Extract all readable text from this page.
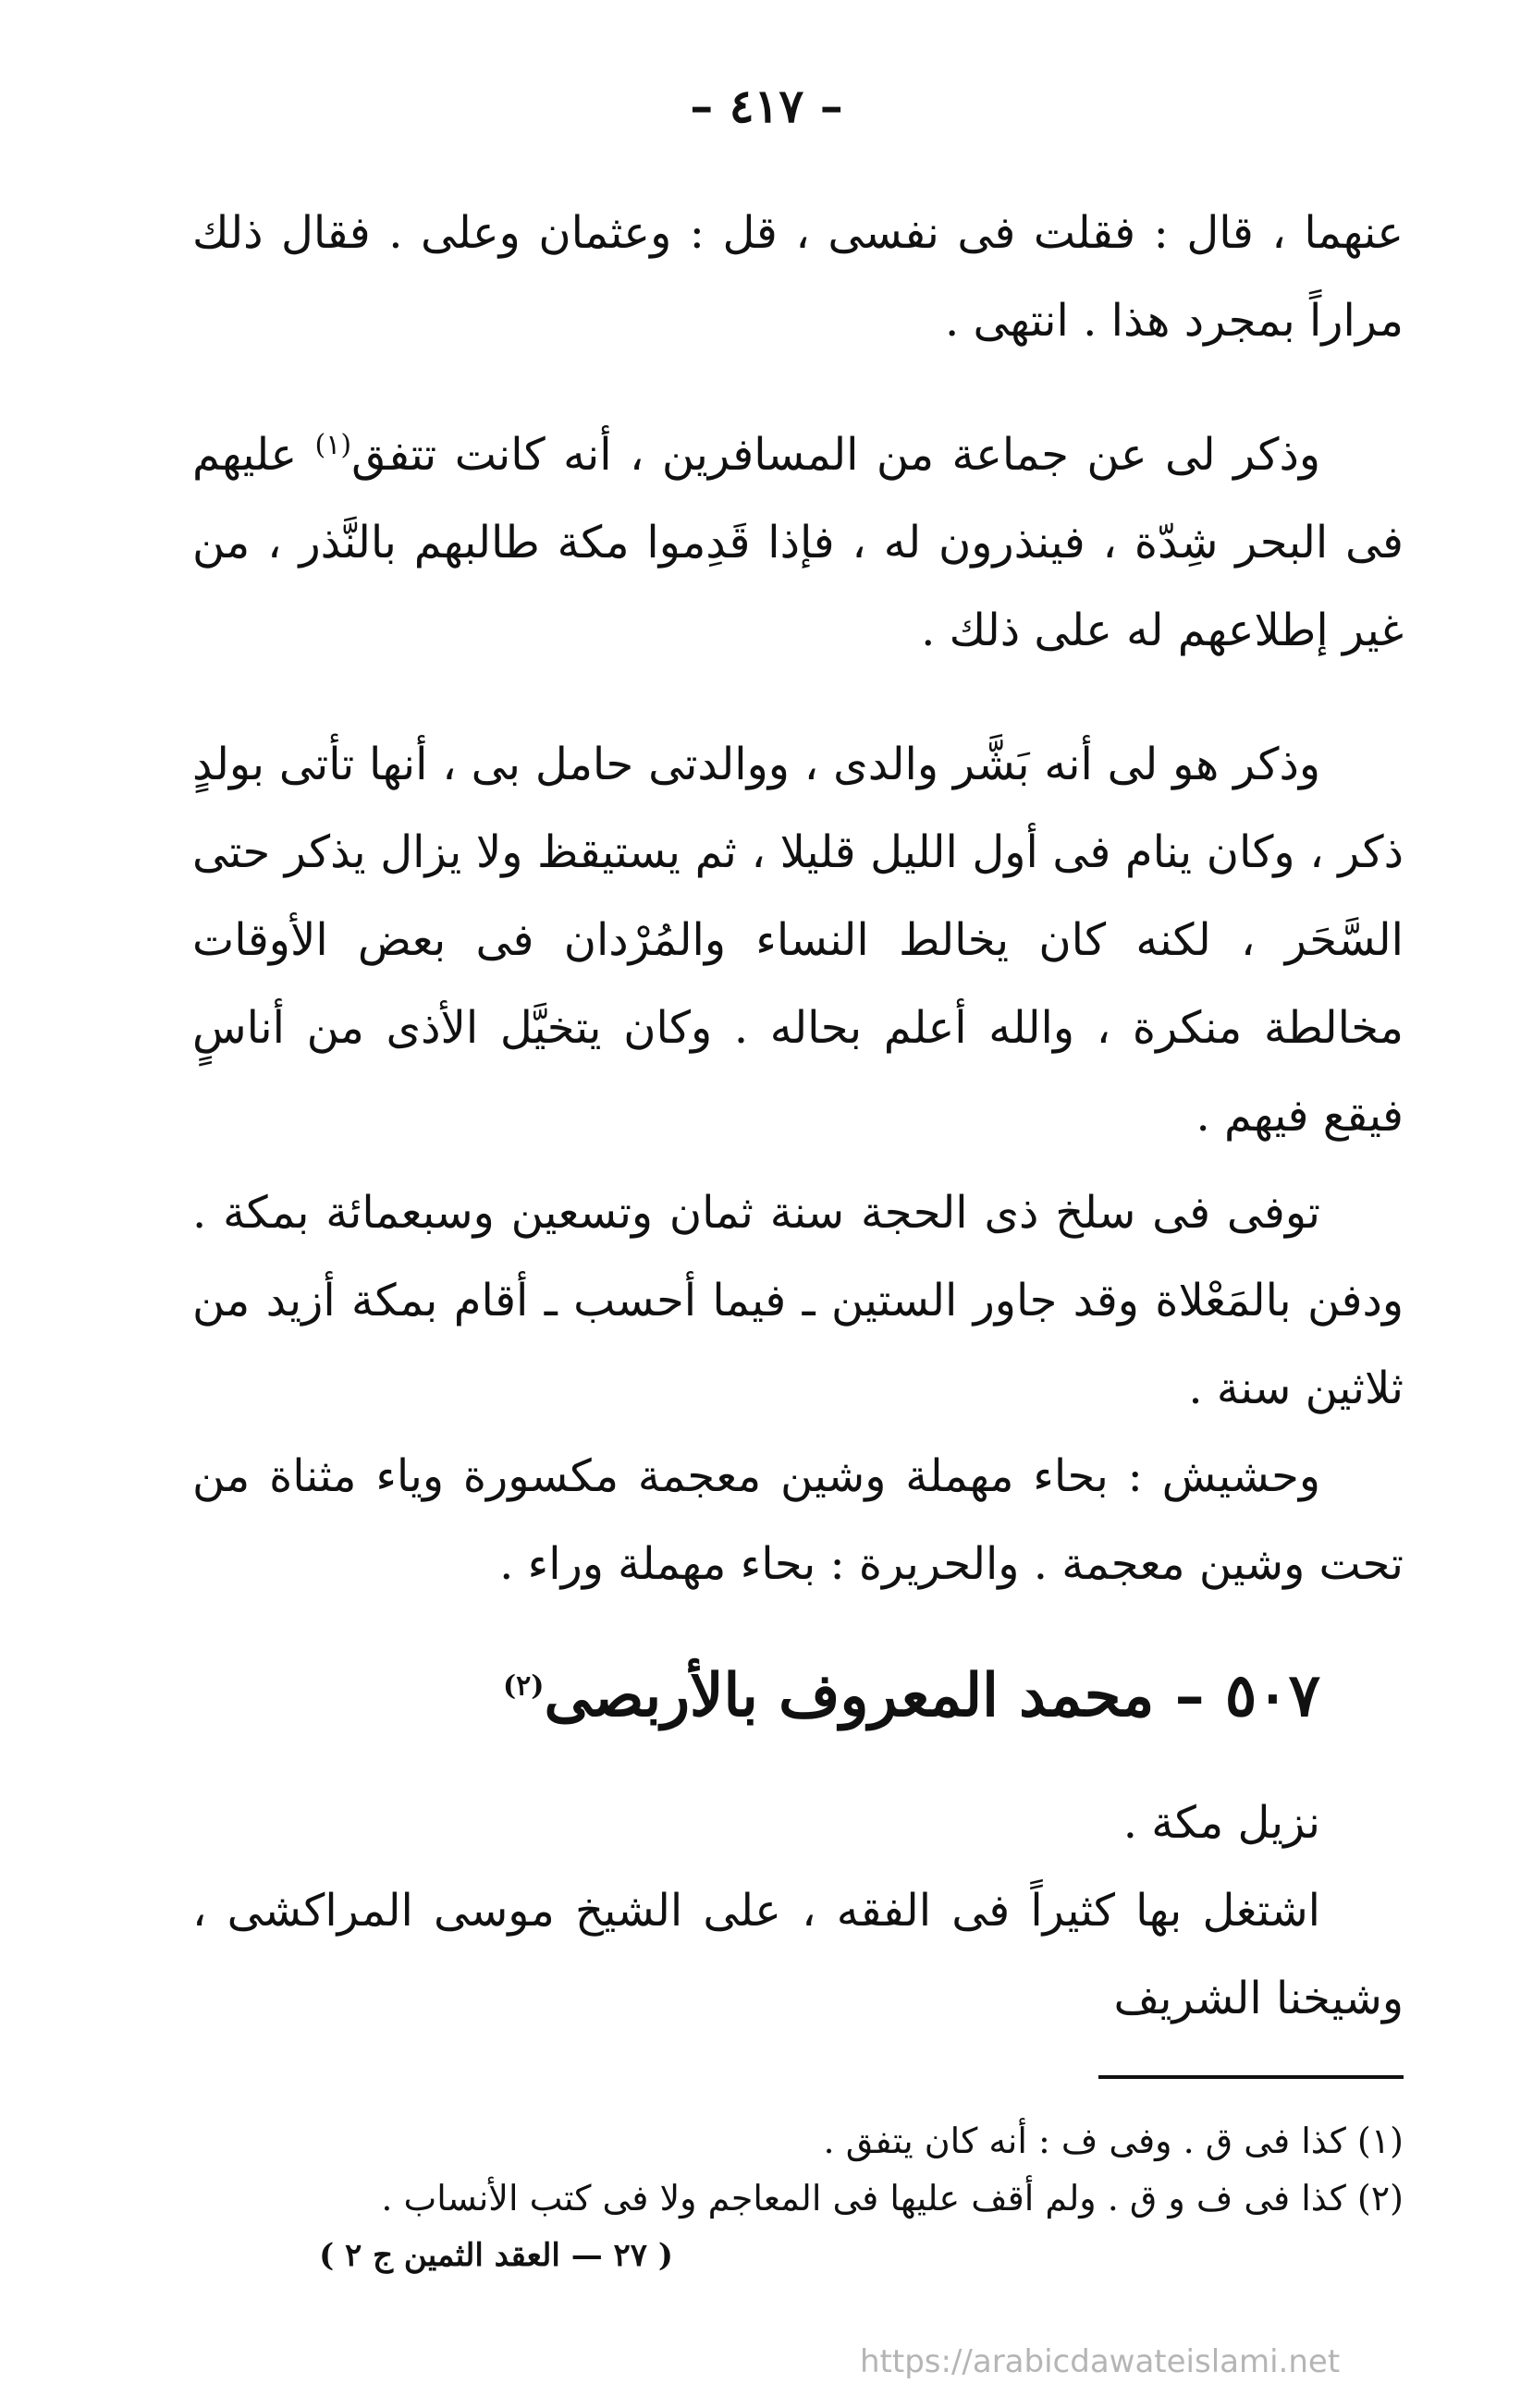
– ٤١٧ –

عنهما ، قال : فقلت فى نفسى ، قل : وعثمان وعلى . فقال ذلك مراراً بمجرد هذا . انتهى .

وذكر لى عن جماعة من المسافرين ، أنه كانت تتفق$^{(١)}$ عليهم فى البحر شِدّة ، فينذرون له ، فإذا قَدِموا مكة طالبهم بالنَّذر ، من غير إطلاعهم له على ذلك .

وذكر هو لى أنه بَشَّر والدى ، ووالدتى حامل بى ، أنها تأتى بولدٍ ذكر ، وكان ينام فى أول الليل قليلا ، ثم يستيقظ ولا يزال يذكر حتى السَّحَر ، لكنه كان يخالط النساء والمُرْدان فى بعض الأوقات مخالطة منكرة ، والله أعلم بحاله . وكان يتخيَّل الأذى من أناسٍ فيقع فيهم .

توفى فى سلخ ذى الحجة سنة ثمان وتسعين وسبعمائة بمكة . ودفن بالمَعْلاة وقد جاور الستين ـ فيما أحسب ـ أقام بمكة أزيد من ثلاثين سنة .

وحشيش : بحاء مهملة وشين معجمة مكسورة وياء مثناة من تحت وشين معجمة . والحريرة : بحاء مهملة وراء .

٥٠٧ – محمد المعروف بالأربصى$^{(٢)}$

نزيل مكة .

اشتغل بها كثيراً فى الفقه ، على الشيخ موسى المراكشى ، وشيخنا الشريف

(١) كذا فى ق . وفى ف : أنه كان يتفق .

(٢) كذا فى ف و ق . ولم أقف عليها فى المعاجم ولا فى كتب الأنساب .

( ٢٧ — العقد الثمين ج ٢ )
https://arabicdawateislami.net
